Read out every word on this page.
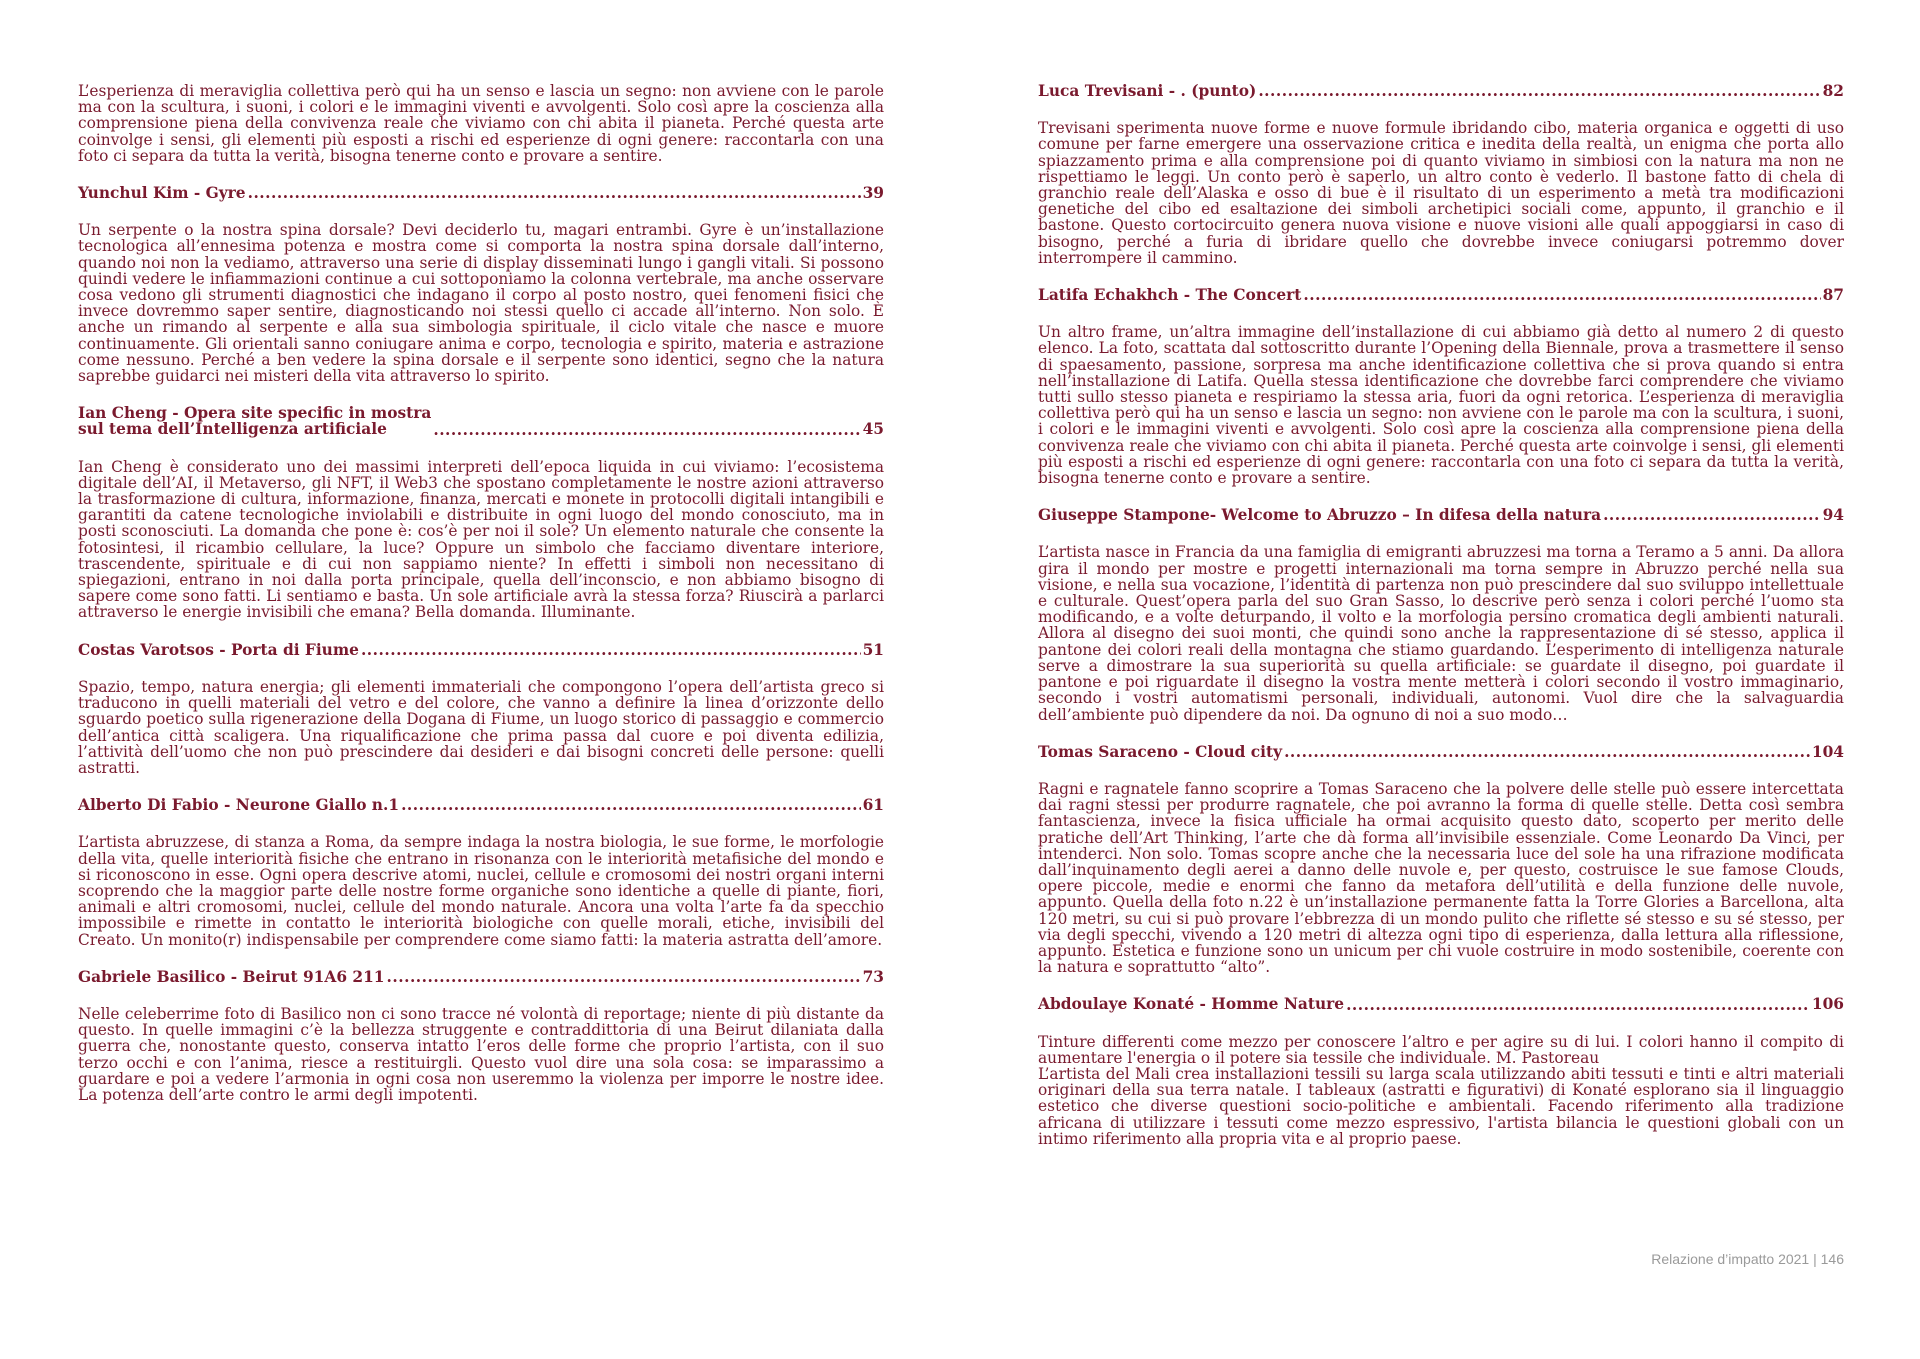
L’esperienza di meraviglia collettiva però qui ha un senso e lascia un segno: non avviene con le parole ma con la scultura, i suoni, i colori e le immagini viventi e avvolgenti. Solo così apre la coscienza alla comprensione piena della convivenza reale che viviamo con chi abita il pianeta. Perché questa arte coinvolge i sensi, gli elementi più esposti a rischi ed esperienze di ogni genere: raccontarla con una foto ci separa da tutta la verità, bisogna tenerne conto e provare a sentire.

Yunchul Kim - Gyre .....	39

Un serpente o la nostra spina dorsale? Devi deciderlo tu, magari entrambi. Gyre è un’installazione tecnologica all’ennesima potenza e mostra come si comporta la nostra spina dorsale dall’interno, quando noi non la vediamo, attraverso una serie di display disseminati lungo i gangli vitali. Si possono quindi vedere le infiammazioni continue a cui sottoponiamo la colonna vertebrale, ma anche osservare cosa vedono gli strumenti diagnostici che indagano il corpo al posto nostro, quei fenomeni fisici che invece dovremmo saper sentire, diagnosticando noi stessi quello ci accade all’interno. Non solo. È anche un rimando al serpente e alla sua simbologia spirituale, il ciclo vitale che nasce e muore continuamente. Gli orientali sanno coniugare anima e corpo, tecnologia e spirito, materia e astrazione come nessuno. Perché a ben vedere la spina dorsale e il serpente sono identici, segno che la natura saprebbe guidarci nei misteri della vita attraverso lo spirito.

Ian Cheng - Opera site specific in mostra
sul tema dell’Intelligenza artificiale .....	45

Ian Cheng è considerato uno dei massimi interpreti dell’epoca liquida in cui viviamo: l’ecosistema digitale dell’AI, il Metaverso, gli NFT, il Web3 che spostano completamente le nostre azioni attraverso la trasformazione di cultura, informazione, finanza, mercati e monete in protocolli digitali intangibili e garantiti da catene tecnologiche inviolabili e distribuite in ogni luogo del mondo conosciuto, ma in posti sconosciuti. La domanda che pone è: cos’è per noi il sole? Un elemento naturale che consente la fotosintesi, il ricambio cellulare, la luce? Oppure un simbolo che facciamo diventare interiore, trascendente, spirituale e di cui non sappiamo niente? In effetti i simboli non necessitano di spiegazioni, entrano in noi dalla porta principale, quella dell’inconscio, e non abbiamo bisogno di sapere come sono fatti. Li sentiamo e basta. Un sole artificiale avrà la stessa forza? Riuscirà a parlarci attraverso le energie invisibili che emana? Bella domanda. Illuminante.

Costas Varotsos - Porta di Fiume .....	51

Spazio, tempo, natura energia; gli elementi immateriali che compongono l’opera dell’artista greco si traducono in quelli materiali del vetro e del colore, che vanno a definire la linea d’orizzonte dello sguardo poetico sulla rigenerazione della Dogana di Fiume, un luogo storico di passaggio e commercio dell’antica città scaligera. Una riqualificazione che prima passa dal cuore e poi diventa edilizia, l’attività dell’uomo che non può prescindere dai desideri e dai bisogni concreti delle persone: quelli astratti.

Alberto Di Fabio - Neurone Giallo n.1 .....	61

L’artista abruzzese, di stanza a Roma, da sempre indaga la nostra biologia, le sue forme, le morfologie della vita, quelle interiorità fisiche che entrano in risonanza con le interiorità metafisiche del mondo e si riconoscono in esse. Ogni opera descrive atomi, nuclei, cellule e cromosomi dei nostri organi interni scoprendo che la maggior parte delle nostre forme organiche sono identiche a quelle di piante, fiori, animali e altri cromosomi, nuclei, cellule del mondo naturale. Ancora una volta l’arte fa da specchio impossibile e rimette in contatto le interiorità biologiche con quelle morali, etiche, invisibili del Creato. Un monito(r) indispensabile per comprendere come siamo fatti: la materia astratta dell’amore.

Gabriele Basilico - Beirut 91A6 211 .....	73

Nelle celeberrime foto di Basilico non ci sono tracce né volontà di reportage; niente di più distante da questo. In quelle immagini c’è la bellezza struggente e contraddittoria di una Beirut dilaniata dalla guerra che, nonostante questo, conserva intatto l’eros delle forme che proprio l’artista, con il suo terzo occhi e con l’anima, riesce a restituirgli. Questo vuol dire una sola cosa: se imparassimo a guardare e poi a vedere l’armonia in ogni cosa non useremmo la violenza per imporre le nostre idee. La potenza dell’arte contro le armi degli impotenti.

Luca Trevisani - . (punto) .....	82

Trevisani sperimenta nuove forme e nuove formule ibridando cibo, materia organica e oggetti di uso comune per farne emergere una osservazione critica e inedita della realtà, un enigma che porta allo spiazzamento prima e alla comprensione poi di quanto viviamo in simbiosi con la natura ma non ne rispettiamo le leggi. Un conto però è saperlo, un altro conto è vederlo. Il bastone fatto di chela di granchio reale dell’Alaska e osso di bue è il risultato di un esperimento a metà tra modificazioni genetiche del cibo ed esaltazione dei simboli archetipici sociali come, appunto, il granchio e il bastone. Questo cortocircuito genera nuova visione e nuove visioni alle quali appoggiarsi in caso di bisogno, perché a furia di ibridare quello che dovrebbe invece coniugarsi potremmo dover interrompere il cammino.

Latifa Echakhch - The Concert .....	87

Un altro frame, un’altra immagine dell’installazione di cui abbiamo già detto al numero 2 di questo elenco. La foto, scattata dal sottoscritto durante l’Opening della Biennale, prova a trasmettere il senso di spaesamento, passione, sorpresa ma anche identificazione collettiva che si prova quando si entra nell’installazione di Latifa. Quella stessa identificazione che dovrebbe farci comprendere che viviamo tutti sullo stesso pianeta e respiriamo la stessa aria, fuori da ogni retorica. L’esperienza di meraviglia collettiva però qui ha un senso e lascia un segno: non avviene con le parole ma con la scultura, i suoni, i colori e le immagini viventi e avvolgenti. Solo così apre la coscienza alla comprensione piena della convivenza reale che viviamo con chi abita il pianeta. Perché questa arte coinvolge i sensi, gli elementi più esposti a rischi ed esperienze di ogni genere: raccontarla con una foto ci separa da tutta la verità, bisogna tenerne conto e provare a sentire.

Giuseppe Stampone- Welcome to Abruzzo – In difesa della natura .....	94

L’artista nasce in Francia da una famiglia di emigranti abruzzesi ma torna a Teramo a 5 anni. Da allora gira il mondo per mostre e progetti internazionali ma torna sempre in Abruzzo perché nella sua visione, e nella sua vocazione, l’identità di partenza non può prescindere dal suo sviluppo intellettuale e culturale. Quest’opera parla del suo Gran Sasso, lo descrive però senza i colori perché l’uomo sta modificando, e a volte deturpando, il volto e la morfologia persino cromatica degli ambienti naturali. Allora al disegno dei suoi monti, che quindi sono anche la rappresentazione di sé stesso, applica il pantone dei colori reali della montagna che stiamo guardando. L’esperimento di intelligenza naturale serve a dimostrare la sua superiorità su quella artificiale: se guardate il disegno, poi guardate il pantone e poi riguardate il disegno la vostra mente metterà i colori secondo il vostro immaginario, secondo i vostri automatismi personali, individuali, autonomi. Vuol dire che la salvaguardia dell’ambiente può dipendere da noi. Da ognuno di noi a suo modo…

Tomas Saraceno - Cloud city .....	104

Ragni e ragnatele fanno scoprire a Tomas Saraceno che la polvere delle stelle può essere intercettata dai ragni stessi per produrre ragnatele, che poi avranno la forma di quelle stelle. Detta così sembra fantascienza, invece la fisica ufficiale ha ormai acquisito questo dato, scoperto per merito delle pratiche dell’Art Thinking, l’arte che dà forma all’invisibile essenziale. Come Leonardo Da Vinci, per intenderci. Non solo. Tomas scopre anche che la necessaria luce del sole ha una rifrazione modificata dall’inquinamento degli aerei a danno delle nuvole e, per questo, costruisce le sue famose Clouds, opere piccole, medie e enormi che fanno da metafora dell’utilità e della funzione delle nuvole, appunto. Quella della foto n.22 è un’installazione permanente fatta la Torre Glories a Barcellona, alta 120 metri, su cui si può provare l’ebbrezza di un mondo pulito che riflette sé stesso e su sé stesso, per via degli specchi, vivendo a 120 metri di altezza ogni tipo di esperienza, dalla lettura alla riflessione, appunto. Estetica e funzione sono un unicum per chi vuole costruire in modo sostenibile, coerente con la natura e soprattutto “alto”.

Abdoulaye Konaté - Homme Nature .....	106

Tinture differenti come mezzo per conoscere l’altro e per agire su di lui. I colori hanno il compito di aumentare l'energia o il potere sia tessile che individuale. M. Pastoreau

L’artista del Mali crea installazioni tessili su larga scala utilizzando abiti tessuti e tinti e altri materiali originari della sua terra natale. I tableaux (astratti e figurativi) di Konaté esplorano sia il linguaggio estetico che diverse questioni socio-politiche e ambientali. Facendo riferimento alla tradizione africana di utilizzare i tessuti come mezzo espressivo, l'artista bilancia le questioni globali con un intimo riferimento alla propria vita e al proprio paese.

Relazione d’impatto 2021 | 146
